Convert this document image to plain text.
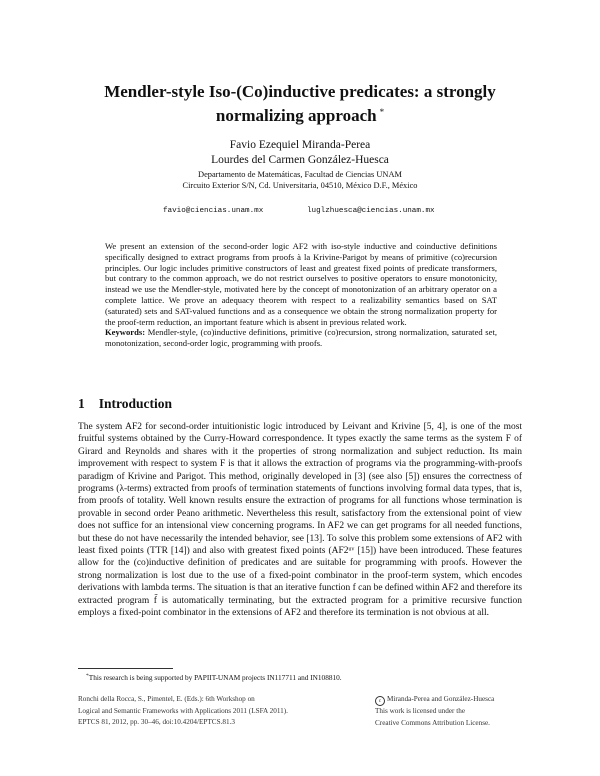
Mendler-style Iso-(Co)inductive predicates: a strongly
normalizing approach *
Favio Ezequiel Miranda-Perea
Lourdes del Carmen González-Huesca
Departamento de Matemáticas, Facultad de Ciencias UNAM
Circuito Exterior S/N, Cd. Universitaria, 04510, México D.F., México
favio@ciencias.unam.mx	luglzhuesca@ciencias.unam.mx

We present an extension of the second-order logic AF2 with iso-style inductive and coinductive definitions specifically designed to extract programs from proofs à la Krivine-Parigot by means of primitive (co)recursion principles. Our logic includes primitive constructors of least and greatest fixed points of predicate transformers, but contrary to the common approach, we do not restrict ourselves to positive operators to ensure monotonicity, instead we use the Mendler-style, motivated here by the concept of monotonization of an arbitrary operator on a complete lattice. We prove an adequacy theorem with respect to a realizability semantics based on SAT (saturated) sets and SAT-valued functions and as a consequence we obtain the strong normalization property for the proof-term reduction, an important feature which is absent in previous related work.

Keywords: Mendler-style, (co)inductive definitions, primitive (co)recursion, strong normalization, saturated set, monotonization, second-order logic, programming with proofs.

1 Introduction

The system AF2 for second-order intuitionistic logic introduced by Leivant and Krivine [5, 4], is one of the most fruitful systems obtained by the Curry-Howard correspondence. It types exactly the same terms as the system F of Girard and Reynolds and shares with it the properties of strong normalization and subject reduction. Its main improvement with respect to system F is that it allows the extraction of programs via the programming-with-proofs paradigm of Krivine and Parigot. This method, originally developed in [3] (see also [5]) ensures the correctness of programs (λ-terms) extracted from proofs of termination statements of functions involving formal data types, that is, from proofs of totality. Well known results ensure the extraction of programs for all functions whose termination is provable in second order Peano arithmetic. Nevertheless this result, satisfactory from the extensional point of view does not suffice for an intensional view concerning programs. In AF2 we can get programs for all needed functions, but these do not have necessarily the intended behavior, see [13]. To solve this problem some extensions of AF2 with least fixed points (TTR [14]) and also with greatest fixed points (AF2ᵘᵛ [15]) have been introduced. These features allow for the (co)inductive definition of predicates and are suitable for programming with proofs. However the strong normalization is lost due to the use of a fixed-point combinator in the proof-term system, which encodes derivations with lambda terms. The situation is that an iterative function f can be defined within AF2 and therefore its extracted program f̃ is automatically terminating, but the extracted program for a primitive recursive function employs a fixed-point combinator in the extensions of AF2 and therefore its termination is not obvious at all.

*This research is being supported by PAPIIT-UNAM projects IN117711 and IN108810.
Ronchi della Rocca, S., Pimentel, E. (Eds.): 6th Workshop on
Logical and Semantic Frameworks with Applications 2011 (LSFA 2011).
EPTCS 81, 2012, pp. 30–46, doi:10.4204/EPTCS.81.3
c Miranda-Perea and González-Huesca
This work is licensed under the
Creative Commons Attribution License.
